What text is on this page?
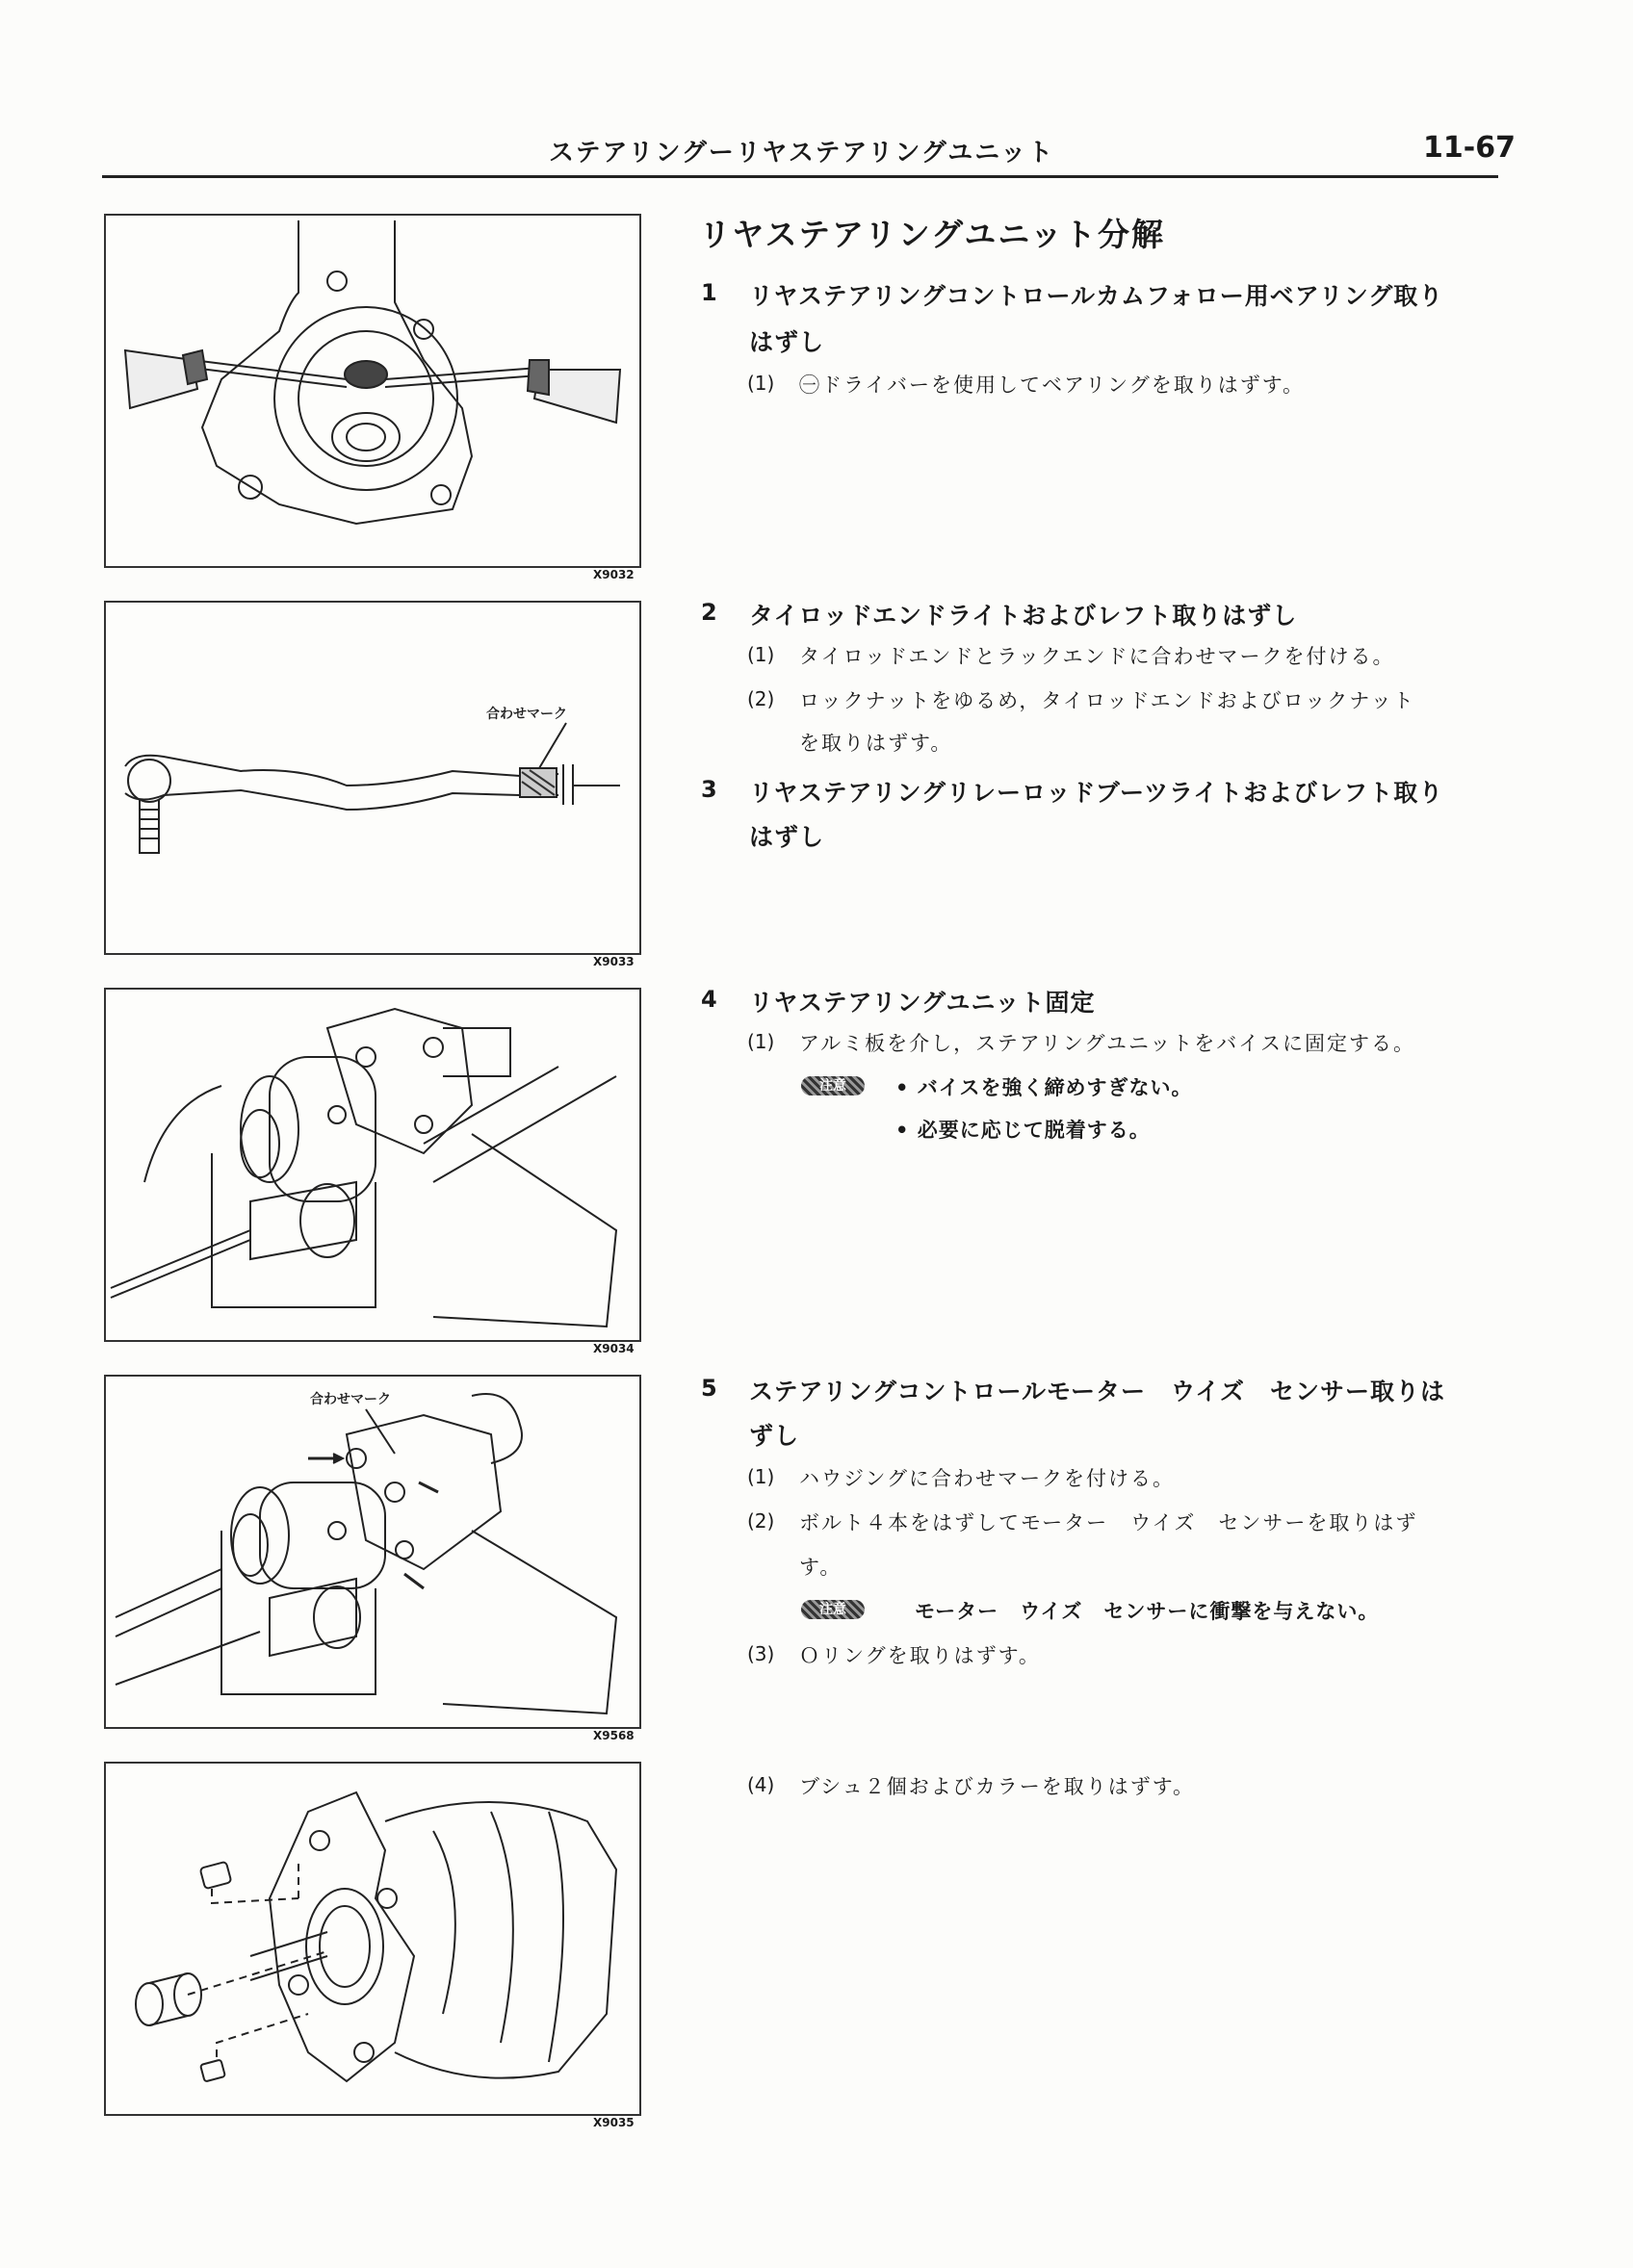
ステアリングーリヤステアリングユニット	11-67
X9032
合わせマーク
X9033
X9034
合わせマーク
X9568
X9035
リヤステアリングユニット分解
1 リヤステアリングコントロールカムフォロー用ベアリング取り
はずし
(1) ㊀ドライバーを使用してベアリングを取りはずす。
2 タイロッドエンドライトおよびレフト取りはずし
(1) タイロッドエンドとラックエンドに合わせマークを付ける。
(2) ロックナットをゆるめ，タイロッドエンドおよびロックナット
を取りはずす。
3 リヤステアリングリレーロッドブーツライトおよびレフト取り
はずし
4 リヤステアリングユニット固定
(1) アルミ板を介し，ステアリングユニットをバイスに固定する。
注意	• バイスを強く締めすぎない。
• 必要に応じて脱着する。
5 ステアリングコントロールモーター　ウイズ　センサー取りは
ずし
(1) ハウジングに合わせマークを付ける。
(2) ボルト４本をはずしてモーター　ウイズ　センサーを取りはず
す。
注意	モーター　ウイズ　センサーに衝撃を与えない。
(3) Ｏリングを取りはずす。
(4) ブシュ２個およびカラーを取りはずす。
